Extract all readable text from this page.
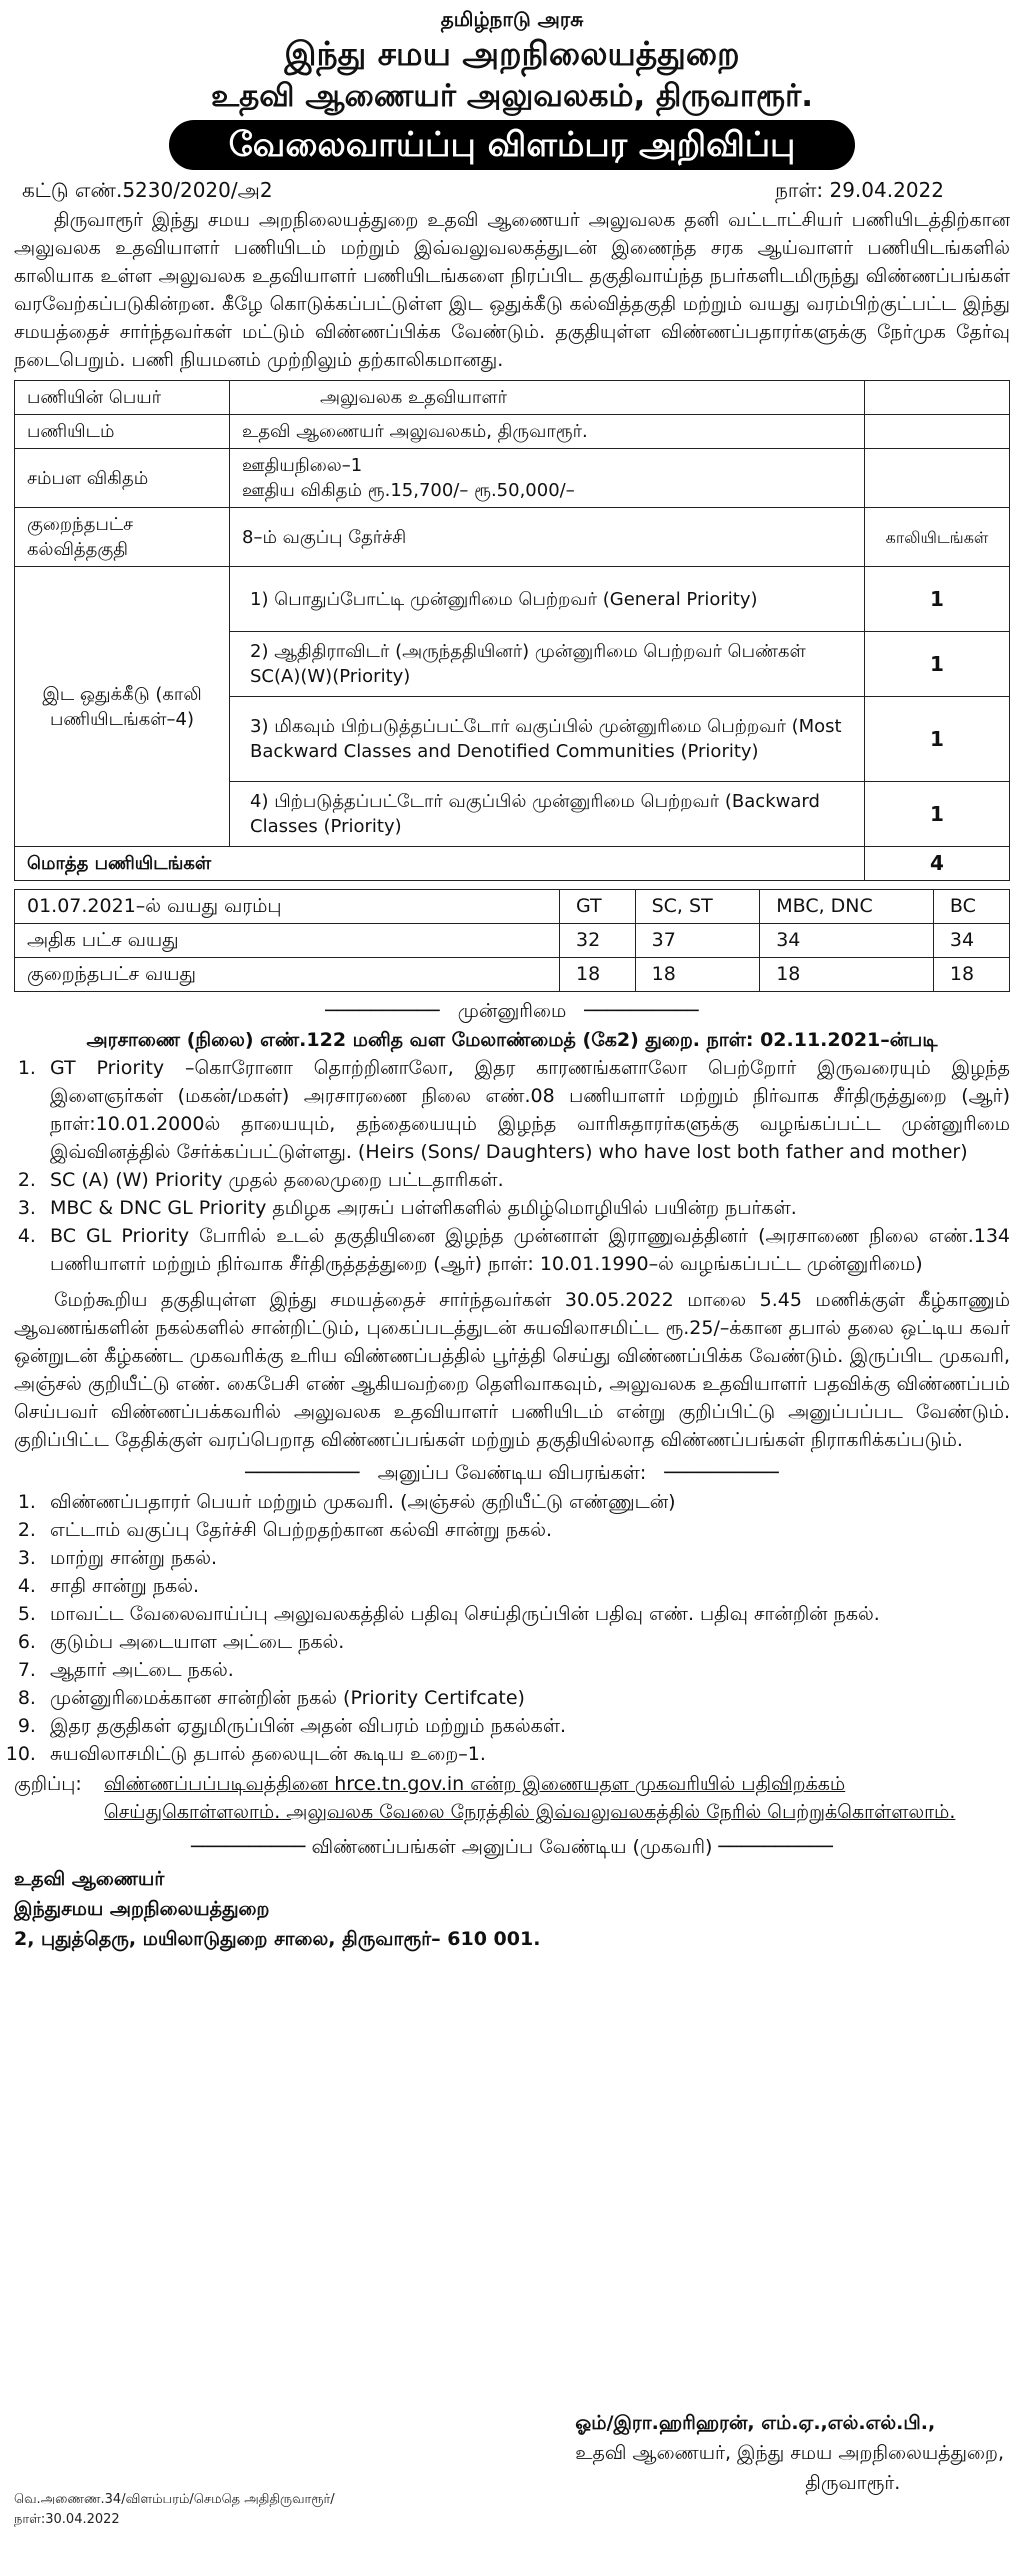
தமிழ்நாடு அரசு
இந்து சமய அறநிலையத்துறை
உதவி ஆணையர் அலுவலகம், திருவாரூர்.
வேலைவாய்ப்பு விளம்பர அறிவிப்பு
கட்டு எண்.5230/2020/அ2	நாள்: 29.04.2022

திருவாரூர் இந்து சமய அறநிலையத்துறை உதவி ஆணையர் அலுவலக தனி வட்டாட்சியர் பணியிடத்திற்கான அலுவலக உதவியாளர் பணியிடம் மற்றும் இவ்வலுவலகத்துடன் இணைந்த சரக ஆய்வாளர் பணியிடங்களில் காலியாக உள்ள அலுவலக உதவியாளர் பணியிடங்களை நிரப்பிட தகுதிவாய்ந்த நபர்களிடமிருந்து விண்ணப்பங்கள் வரவேற்கப்படுகின்றன. கீழே கொடுக்கப்பட்டுள்ள இட ஒதுக்கீடு கல்வித்தகுதி மற்றும் வயது வரம்பிற்குட்பட்ட இந்து சமயத்தைச் சார்ந்தவர்கள் மட்டும் விண்ணப்பிக்க வேண்டும். தகுதியுள்ள விண்ணப்பதாரர்களுக்கு நேர்முக தேர்வு நடைபெறும். பணி நியமனம் முற்றிலும் தற்காலிகமானது.

பணியின் பெயர்	அலுவலக உதவியாளர்	
பணியிடம்	உதவி ஆணையர் அலுவலகம், திருவாரூர்.	
சம்பள விகிதம்	ஊதியநிலை–1
ஊதிய விகிதம் ரூ.15,700/– ரூ.50,000/–	

குறைந்தபட்ச கல்வித்தகுதி	8–ம் வகுப்பு தேர்ச்சி	காலியிடங்கள்
இட ஒதுக்கீடு (காலி பணியிடங்கள்–4)	1) பொதுப்போட்டி முன்னுரிமை பெற்றவர் (General Priority)	1
	2) ஆதிதிராவிடர் (அருந்ததியினர்) முன்னுரிமை பெற்றவர் பெண்கள் SC(A)(W)(Priority)	1
	3) மிகவும் பிற்படுத்தப்பட்டோர் வகுப்பில் முன்னுரிமை பெற்றவர் (Most Backward Classes and Denotified Communities (Priority)	1
	4) பிற்படுத்தப்பட்டோர் வகுப்பில் முன்னுரிமை பெற்றவர் (Backward Classes (Priority)	1
மொத்த பணியிடங்கள்		4
01.07.2021–ல் வயது வரம்பு	GT	SC, ST	MBC, DNC	BC
அதிக பட்ச வயது	32	37	34	34
குறைந்தபட்ச வயது	18	18	18	18
────────── முன்னுரிமை ──────────
அரசாணை (நிலை) எண்.122 மனித வள மேலாண்மைத் (கே2) துறை. நாள்: 02.11.2021–ன்படி
1. GT Priority –கொரோனா தொற்றினாலோ, இதர காரணங்களாலோ பெற்றோர் இருவரையும் இழந்த இளைஞர்கள் (மகன்/மகள்) அரசாரணை நிலை எண்.08 பணியாளர் மற்றும் நிர்வாக சீர்திருத்துறை (ஆர்) நாள்:10.01.2000ல் தாயையும், தந்தையையும் இழந்த வாரிசுதாரர்களுக்கு வழங்கப்பட்ட முன்னுரிமை இவ்வினத்தில் சேர்க்கப்பட்டுள்ளது. (Heirs (Sons/ Daughters) who have lost both father and mother)
2. SC (A) (W) Priority முதல் தலைமுறை பட்டதாரிகள்.
3. MBC & DNC GL Priority தமிழக அரசுப் பள்ளிகளில் தமிழ்மொழியில் பயின்ற நபர்கள்.
4. BC GL Priority போரில் உடல் தகுதியினை இழந்த முன்னாள் இராணுவத்தினர் (அரசாணை நிலை எண்.134 பணியாளர் மற்றும் நிர்வாக சீர்திருத்தத்துறை (ஆர்) நாள்: 10.01.1990–ல் வழங்கப்பட்ட முன்னுரிமை)

மேற்கூறிய தகுதியுள்ள இந்து சமயத்தைச் சார்ந்தவர்கள் 30.05.2022 மாலை 5.45 மணிக்குள் கீழ்காணும் ஆவணங்களின் நகல்களில் சான்றிட்டும், புகைப்படத்துடன் சுயவிலாசமிட்ட ரூ.25/–க்கான தபால் தலை ஒட்டிய கவர் ஒன்றுடன் கீழ்கண்ட முகவரிக்கு உரிய விண்ணப்பத்தில் பூர்த்தி செய்து விண்ணப்பிக்க வேண்டும். இருப்பிட முகவரி, அஞ்சல் குறியீட்டு எண். கைபேசி எண் ஆகியவற்றை தெளிவாகவும், அலுவலக உதவியாளர் பதவிக்கு விண்ணப்பம் செய்பவர் விண்ணப்பக்கவரில் அலுவலக உதவியாளர் பணியிடம் என்று குறிப்பிட்டு அனுப்பப்பட வேண்டும். குறிப்பிட்ட தேதிக்குள் வரப்பெறாத விண்ணப்பங்கள் மற்றும் தகுதியில்லாத விண்ணப்பங்கள் நிராகரிக்கப்படும்.

────────── அனுப்ப வேண்டிய விபரங்கள்: ──────────
1. விண்ணப்பதாரர் பெயர் மற்றும் முகவரி. (அஞ்சல் குறியீட்டு எண்ணுடன்)
2. எட்டாம் வகுப்பு தேர்ச்சி பெற்றதற்கான கல்வி சான்று நகல்.
3. மாற்று சான்று நகல்.
4. சாதி சான்று நகல்.
5. மாவட்ட வேலைவாய்ப்பு அலுவலகத்தில் பதிவு செய்திருப்பின் பதிவு எண். பதிவு சான்றின் நகல்.
6. குடும்ப அடையாள அட்டை நகல்.
7. ஆதார் அட்டை நகல்.
8. முன்னுரிமைக்கான சான்றின் நகல் (Priority Certifcate)
9. இதர தகுதிகள் ஏதுமிருப்பின் அதன் விபரம் மற்றும் நகல்கள்.
10. சுயவிலாசமிட்டு தபால் தலையுடன் கூடிய உறை–1.
குறிப்பு:	விண்ணப்பப்படிவத்தினை hrce.tn.gov.in என்ற இணையதள முகவரியில் பதிவிறக்கம் செய்துகொள்ளலாம். அலுவலக வேலை நேரத்தில் இவ்வலுவலகத்தில் நேரில் பெற்றுக்கொள்ளலாம்.
────────── விண்ணப்பங்கள் அனுப்ப வேண்டிய (முகவரி) ──────────
உதவி ஆணையர்
இந்துசமய அறநிலையத்துறை
2, புதுத்தெரு, மயிலாடுதுறை சாலை, திருவாரூர்– 610 001.
ஓம்/இரா.ஹரிஹரன், எம்.ஏ.,எல்.எல்.பி.,
உதவி ஆணையர், இந்து சமய அறநிலையத்துறை,
திருவாரூர்.
வெ.அணைண.34/விளம்பரம்/செமதெ அதிதிருவாரூர்/
நாள்:30.04.2022
